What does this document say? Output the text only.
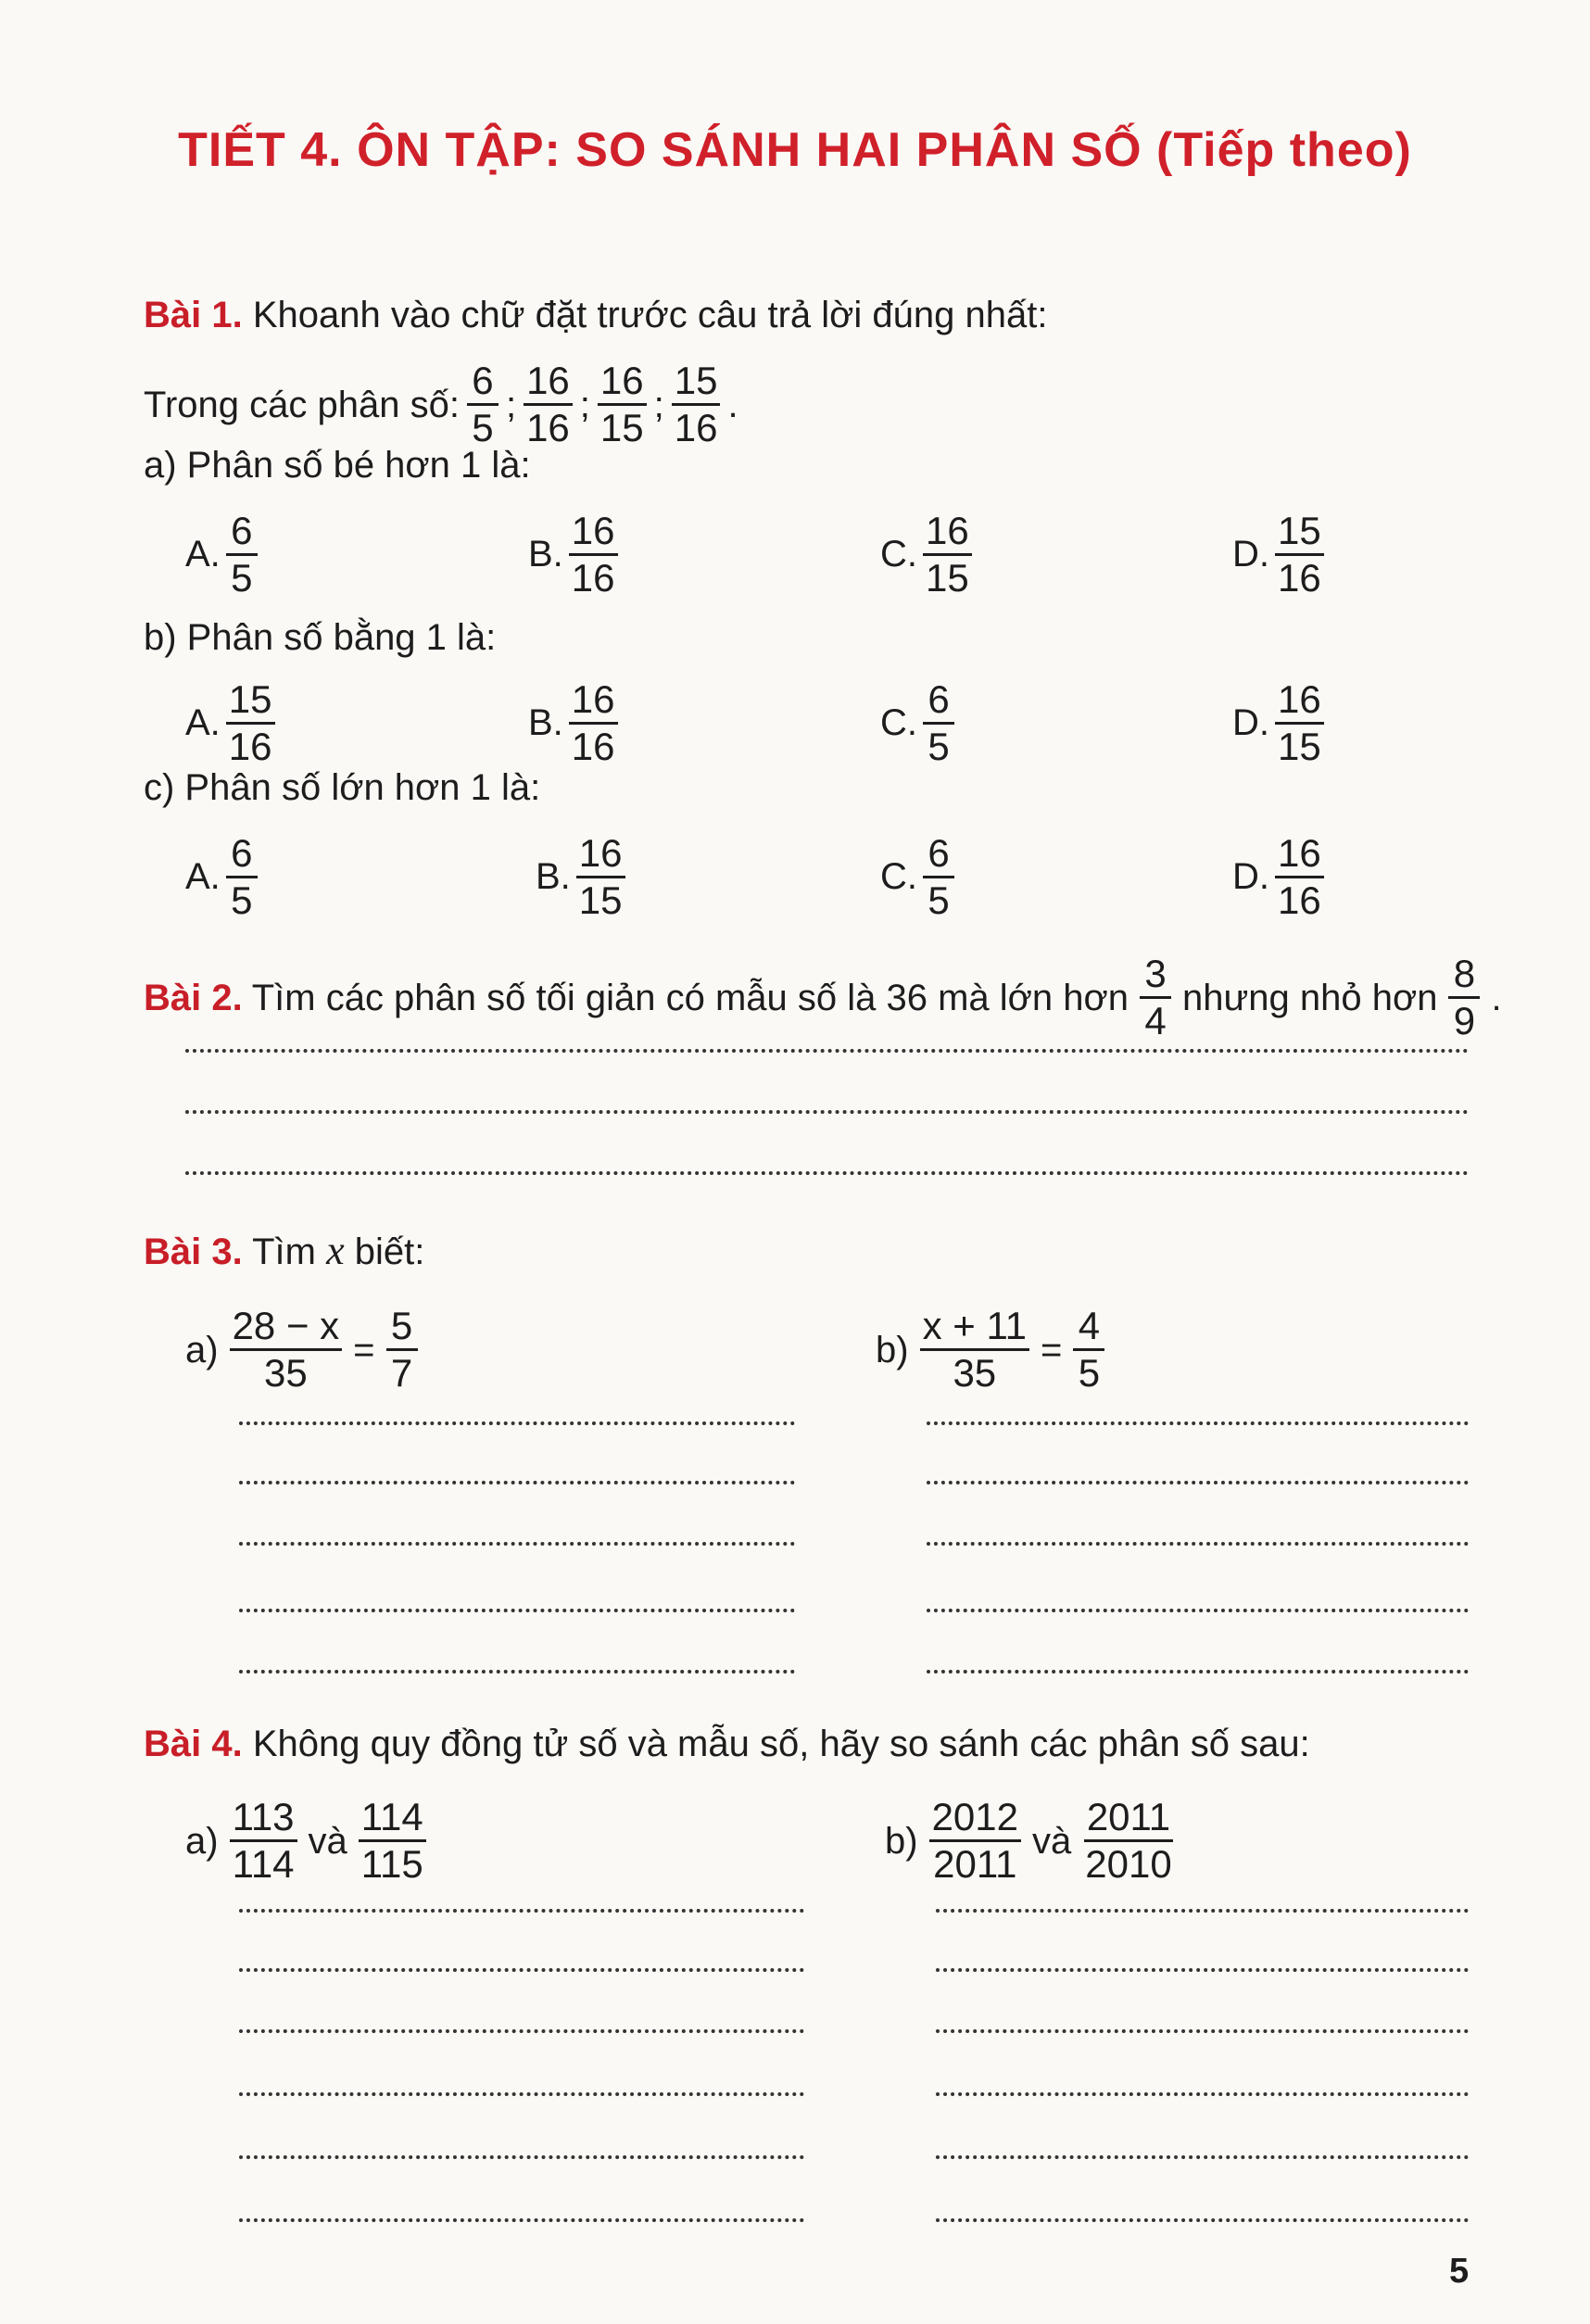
TIẾT 4. ÔN TẬP: SO SÁNH HAI PHÂN SỐ (Tiếp theo)
Bài 1. Khoanh vào chữ đặt trước câu trả lời đúng nhất:
Trong các phân số: $\frac{6}{5}$ ; $\frac{16}{16}$ ; $\frac{16}{15}$ ; $\frac{15}{16}$ .
a) Phân số bé hơn 1 là:
A. $\frac{6}{5}$	B. $\frac{16}{16}$	C. $\frac{16}{15}$	D. $\frac{15}{16}$
b) Phân số bằng 1 là:
A. $\frac{15}{16}$	B. $\frac{16}{16}$	C. $\frac{6}{5}$	D. $\frac{16}{15}$
c) Phân số lớn hơn 1 là:
A. $\frac{6}{5}$	B. $\frac{16}{15}$	C. $\frac{6}{5}$	D. $\frac{16}{16}$
Bài 2. Tìm các phân số tối giản có mẫu số là 36 mà lớn hơn $\frac{3}{4}$ nhưng nhỏ hơn $\frac{8}{9}$ .
Bài 3. Tìm x biết:
$a) \frac{28 - x}{35} = \frac{5}{7}$	$b) \frac{x + 11}{35} = \frac{4}{5}$
Bài 4. Không quy đồng tử số và mẫu số, hãy so sánh các phân số sau:
$a) \frac{113}{114}$ và $\frac{114}{115}$	$b) \frac{2012}{2011}$ và $\frac{2011}{2010}$
5
